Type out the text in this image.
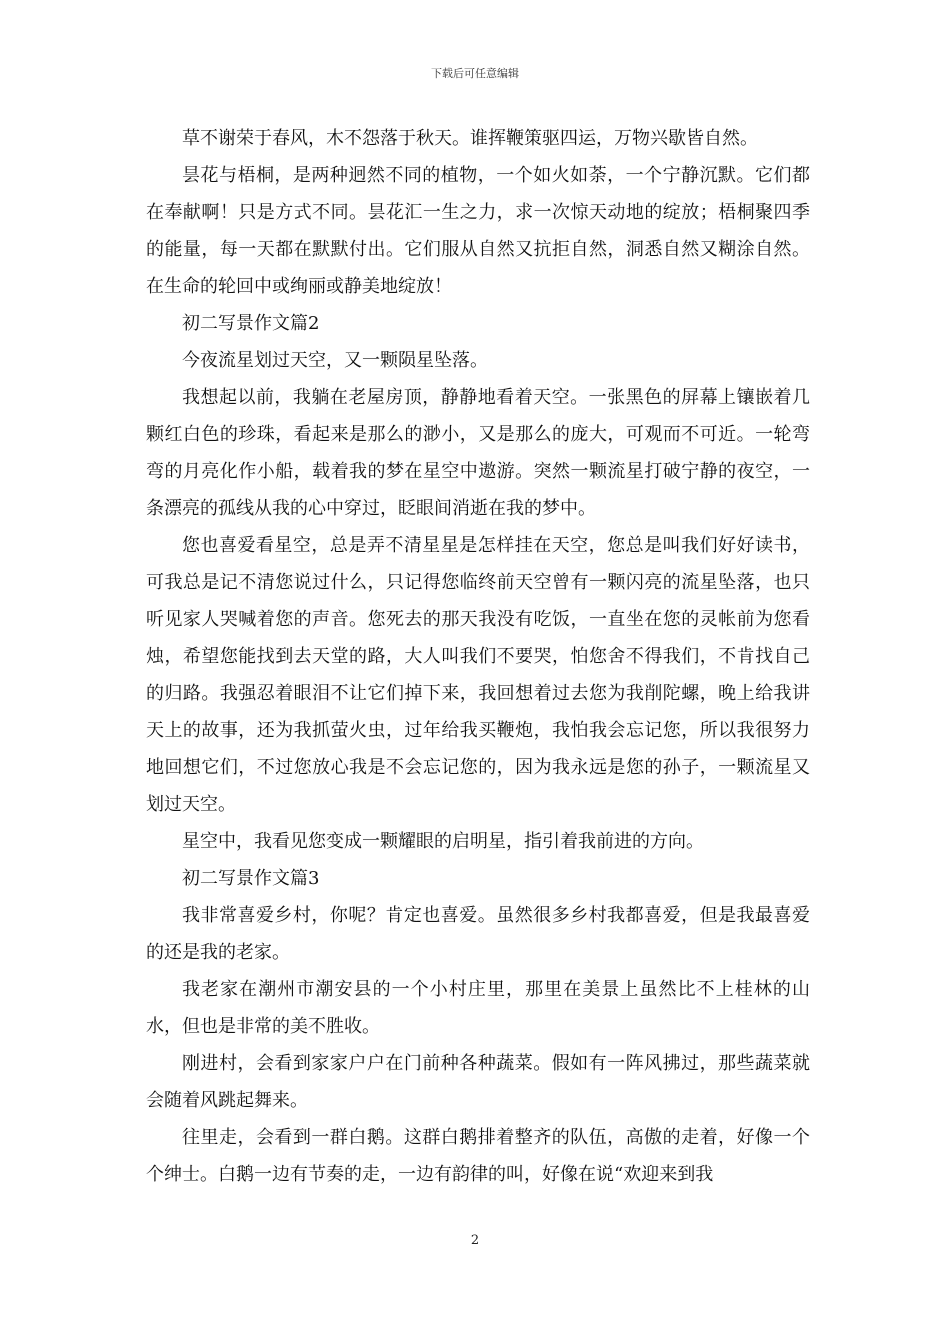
下载后可任意编辑

草不谢荣于春风，木不怨落于秋天。谁挥鞭策驱四运，万物兴歇皆自然。

昙花与梧桐，是两种迥然不同的植物，一个如火如荼，一个宁静沉默。它们都在奉献啊！只是方式不同。昙花汇一生之力，求一次惊天动地的绽放；梧桐聚四季的能量，每一天都在默默付出。它们服从自然又抗拒自然，洞悉自然又糊涂自然。在生命的轮回中或绚丽或静美地绽放！

初二写景作文篇2

今夜流星划过天空，又一颗陨星坠落。

我想起以前，我躺在老屋房顶，静静地看着天空。一张黑色的屏幕上镶嵌着几颗红白色的珍珠，看起来是那么的渺小，又是那么的庞大，可观而不可近。一轮弯弯的月亮化作小船，载着我的梦在星空中遨游。突然一颗流星打破宁静的夜空，一条漂亮的孤线从我的心中穿过，眨眼间消逝在我的梦中。

您也喜爱看星空，总是弄不清星星是怎样挂在天空，您总是叫我们好好读书，可我总是记不清您说过什么，只记得您临终前天空曾有一颗闪亮的流星坠落，也只听见家人哭喊着您的声音。您死去的那天我没有吃饭，一直坐在您的灵帐前为您看烛，希望您能找到去天堂的路，大人叫我们不要哭，怕您舍不得我们，不肯找自己的归路。我强忍着眼泪不让它们掉下来，我回想着过去您为我削陀螺，晚上给我讲天上的故事，还为我抓萤火虫，过年给我买鞭炮，我怕我会忘记您，所以我很努力地回想它们，不过您放心我是不会忘记您的，因为我永远是您的孙子，一颗流星又划过天空。

星空中，我看见您变成一颗耀眼的启明星，指引着我前进的方向。

初二写景作文篇3

我非常喜爱乡村，你呢？肯定也喜爱。虽然很多乡村我都喜爱，但是我最喜爱的还是我的老家。

我老家在潮州市潮安县的一个小村庄里，那里在美景上虽然比不上桂林的山水，但也是非常的美不胜收。

刚进村，会看到家家户户在门前种各种蔬菜。假如有一阵风拂过，那些蔬菜就会随着风跳起舞来。

往里走，会看到一群白鹅。这群白鹅排着整齐的队伍，高傲的走着，好像一个个绅士。白鹅一边有节奏的走，一边有韵律的叫，好像在说“欢迎来到我

2
